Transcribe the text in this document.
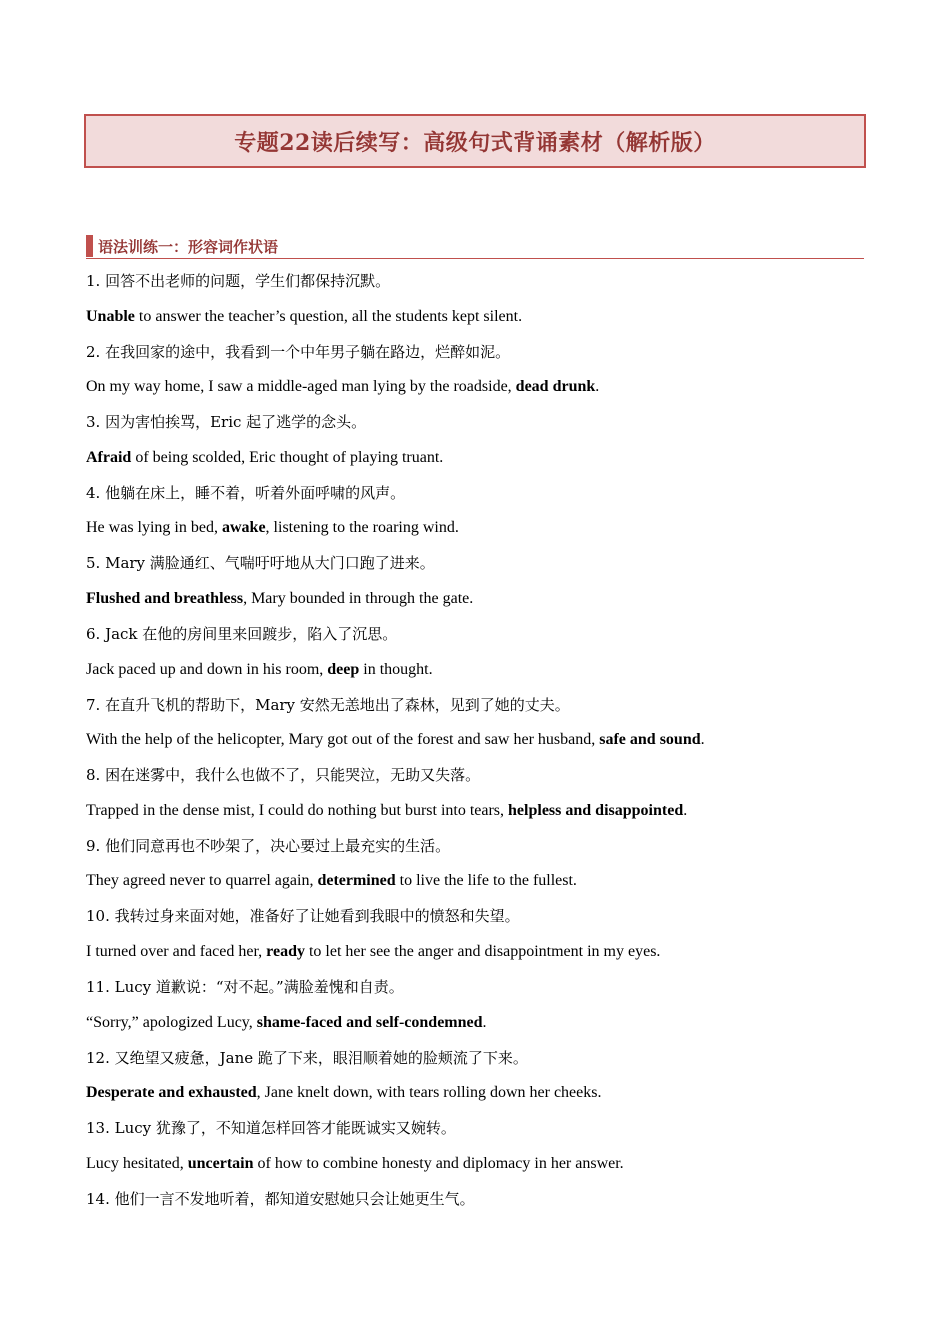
专题22读后续写：高级句式背诵素材（解析版）
语法训练一：形容词作状语
1. 回答不出老师的问题，学生们都保持沉默。
Unable to answer the teacher’s question, all the students kept silent.
2. 在我回家的途中，我看到一个中年男子躺在路边，烂醉如泥。
On my way home, I saw a middle-aged man lying by the roadside, dead drunk.
3. 因为害怕挨骂，Eric 起了逃学的念头。
Afraid of being scolded, Eric thought of playing truant.
4. 他躺在床上，睡不着，听着外面呼啸的风声。
He was lying in bed, awake, listening to the roaring wind.
5. Mary 满脸通红、气喘吁吁地从大门口跑了进来。
Flushed and breathless, Mary bounded in through the gate.
6. Jack 在他的房间里来回踱步，陷入了沉思。
Jack paced up and down in his room, deep in thought.
7. 在直升飞机的帮助下，Mary 安然无恙地出了森林，见到了她的丈夫。
With the help of the helicopter, Mary got out of the forest and saw her husband, safe and sound.
8. 困在迷雾中，我什么也做不了，只能哭泣，无助又失落。
Trapped in the dense mist, I could do nothing but burst into tears, helpless and disappointed.
9. 他们同意再也不吵架了，决心要过上最充实的生活。
They agreed never to quarrel again, determined to live the life to the fullest.
10. 我转过身来面对她，准备好了让她看到我眼中的愤怒和失望。
I turned over and faced her, ready to let her see the anger and disappointment in my eyes.
11. Lucy 道歉说：“对不起。”满脸羞愧和自责。
“Sorry,” apologized Lucy, shame-faced and self-condemned.
12. 又绝望又疲惫，Jane 跪了下来，眼泪顺着她的脸颊流了下来。
Desperate and exhausted, Jane knelt down, with tears rolling down her cheeks.
13. Lucy 犹豫了，不知道怎样回答才能既诚实又婉转。
Lucy hesitated, uncertain of how to combine honesty and diplomacy in her answer.
14. 他们一言不发地听着，都知道安慰她只会让她更生气。
